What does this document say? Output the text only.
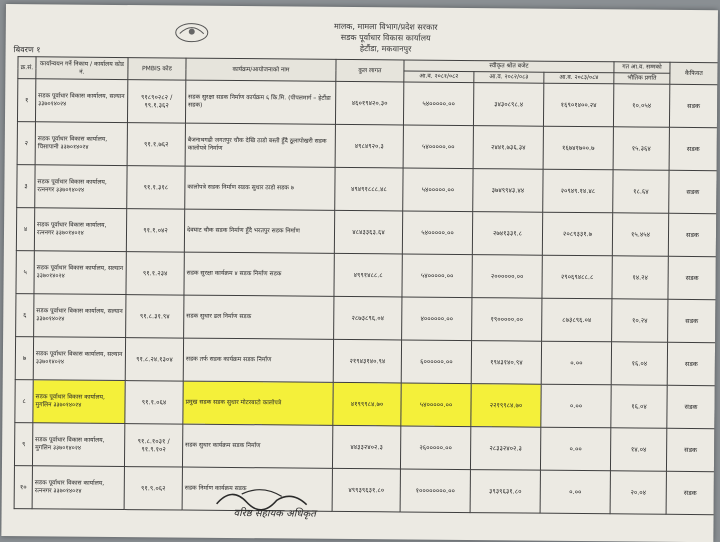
मालक, मामला विभाग/प्रदेश सरकार
सडक पूर्वाधार विकास कार्यालय
हेटौंडा, मकवानपुर
बिवरण १
क्र.सं.	कार्यान्वयन गर्ने निकाय / कार्यालय कोड नं.	PMBIS कोड	कार्यक्रम/आयोजनाको नाम	कुल लागत	स्वीकृत श्रोत बजेट			गत आ.व. सम्मको	कैफियत
					आ.व. २०८१/०८२	आ.व. २०८२/०८३	आ.व. २०८३/०८४	भौतिक प्रगति	
१	सडक पूर्वाधार विकास कार्यालय, सल्यान ३३७०१४०२४	९१८९०२८२ / ९९.१.३६२	सडक सुरक्षा सडक निर्माण कार्यक्रम ६ कि.मि. (पीपलमार्ग – हेटौंडा सडक)	४६०१९४२०.३०	५४०००००.००	३४३०८९८.४	१६९०१४००.२४	१०.०५४	सडक
२	सडक पूर्वाधार विकास कार्यालय, चिसापानी ३३७०१४०२४	९१.१.७६२	बैजनाथगढी जगतपुर चौक देखि ठाडो बस्ती हुँदै ठूलापोखरी सडक कालोपत्रे निर्माण	४९८४९२०.३	५४०००००.००	२४४१.७३६.३४	१६७४१७००.७	१५.३६४	सडक
३	सडक पूर्वाधार विकास कार्यालय, रत्ननगर ३३७०१४०२४	९१.१.३१८	कालोपत्रे सडक निर्माण सडक सुधार ठाडो सडक ७	४९४९१८८८.४८	५४०००००.००	३७४९९४३.४४	२०९४९.१४.४८	१८.६४	सडक
४	सडक पूर्वाधार विकास कार्यालय, रत्ननगर ३३७०१४०२४	९१.१.०४२	देवघाट चौक सडक निर्माण हुँदै भरतपुर सडक निर्माण	४८४३३६३.६४	५४०००००.००	२७४१३३१.८	२०८९३३१.७	१५.४५४	सडक
५	सडक पूर्वाधार विकास कार्यालय, सल्यान ३३७०१४०२४	९१.१.२३४	सडक सुरक्षा कार्यक्रम ४ सडक निर्माण सडक	४९९१४८८.८	५४०००००.००	२००००००.००	२९०६९४८८.८	१४.२४	सडक
६	सडक पूर्वाधार विकास कार्यालय, सल्यान ३३७०१४०२४	९१.८.३१.९४	सडक सुधार ढल निर्माण सडक	२८७३८९६.०४	४००००००.००	१९०००००.००	८७३८९६.०४	१०.२४	सडक
७	सडक पूर्वाधार विकास कार्यालय, सल्यान ३३७०१४०२४	९१.८.२४.१३०४	सडक तर्फ सडक कार्यक्रम सडक निर्माण	२१९४३१४०.९४	६००००००.००	१९४३१४०.९४	०.००	१६.०४	सडक
८	सडक पूर्वाधार विकास कार्यालय, मुगलिन ३३७०१४०२४	९१.१.०६४	प्रमुख सडक सडक सुधार मोटरबाटो कालोपत्रे	४१९९९८४.७०	५४०००००.००	२२१९९८४.७०	०.००	१६.०४	सडक
९	सडक पूर्वाधार विकास कार्यालय, मुगलिन ३३७०१४०२४	९१.८.१०३१ / ९१.९.१०२	सडक सुधार कार्यक्रम सडक निर्माण	४४३३२४०२.३	२६०००००.००	२८३३२४०२.३	०.००	१४.०४	सडक
१०	सडक पूर्वाधार विकास कार्यालय, रत्ननगर ३३७०१४०२४	९१.९.०६२	सडक निर्माण कार्यक्रम सडक	४९९३९६३१.८०	१००००००००.००	३९३९६३१.८०	०.००	२०.०४	सडक
वरिष्ठ सहायक अधिकृत
